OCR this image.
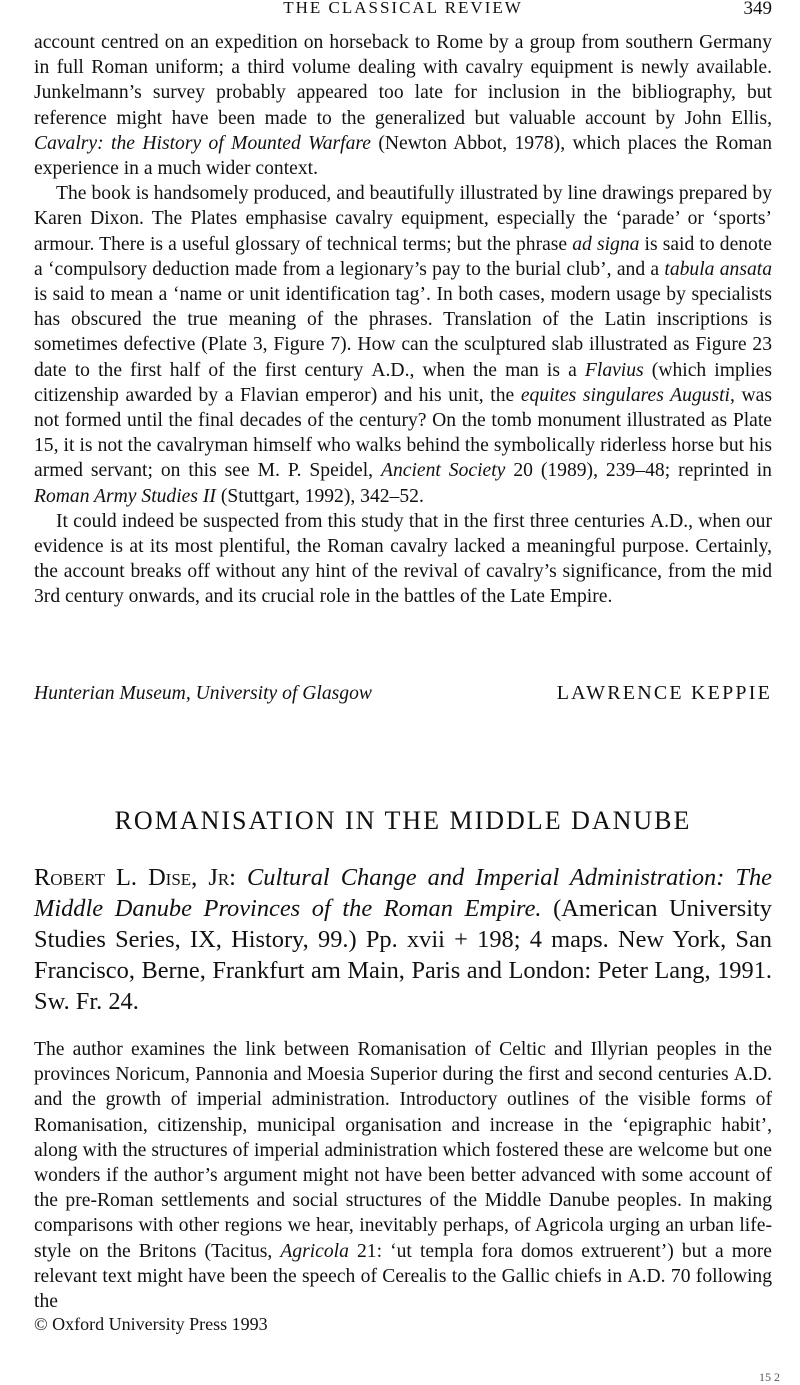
THE CLASSICAL REVIEW	349

account centred on an expedition on horseback to Rome by a group from southern Germany in full Roman uniform; a third volume dealing with cavalry equipment is newly available. Junkelmann’s survey probably appeared too late for inclusion in the bibliography, but reference might have been made to the generalized but valuable account by John Ellis, Cavalry: the History of Mounted Warfare (Newton Abbot, 1978), which places the Roman experience in a much wider context.

The book is handsomely produced, and beautifully illustrated by line drawings prepared by Karen Dixon. The Plates emphasise cavalry equipment, especially the ‘parade’ or ‘sports’ armour. There is a useful glossary of technical terms; but the phrase ad signa is said to denote a ‘compulsory deduction made from a legionary’s pay to the burial club’, and a tabula ansata is said to mean a ‘name or unit identification tag’. In both cases, modern usage by specialists has obscured the true meaning of the phrases. Translation of the Latin inscriptions is sometimes defective (Plate 3, Figure 7). How can the sculptured slab illustrated as Figure 23 date to the first half of the first century A.D., when the man is a Flavius (which implies citizenship awarded by a Flavian emperor) and his unit, the equites singulares Augusti, was not formed until the final decades of the century? On the tomb monument illustrated as Plate 15, it is not the cavalryman himself who walks behind the symbolically riderless horse but his armed servant; on this see M. P. Speidel, Ancient Society 20 (1989), 239–48; reprinted in Roman Army Studies II (Stuttgart, 1992), 342–52.

It could indeed be suspected from this study that in the first three centuries A.D., when our evidence is at its most plentiful, the Roman cavalry lacked a meaningful purpose. Certainly, the account breaks off without any hint of the revival of cavalry’s significance, from the mid 3rd century onwards, and its crucial role in the battles of the Late Empire.

Hunterian Museum, University of Glasgow	LAWRENCE KEPPIE
ROMANISATION IN THE MIDDLE DANUBE
Robert L. Dise, Jr: Cultural Change and Imperial Administration: The Middle Danube Provinces of the Roman Empire. (American University Studies Series, IX, History, 99.) Pp. xvii + 198; 4 maps. New York, San Francisco, Berne, Frankfurt am Main, Paris and London: Peter Lang, 1991. Sw. Fr. 24.

The author examines the link between Romanisation of Celtic and Illyrian peoples in the provinces Noricum, Pannonia and Moesia Superior during the first and second centuries A.D. and the growth of imperial administration. Introductory outlines of the visible forms of Romanisation, citizenship, municipal organisation and increase in the ‘epigraphic habit’, along with the structures of imperial administration which fostered these are welcome but one wonders if the author’s argument might not have been better advanced with some account of the pre-Roman settlements and social structures of the Middle Danube peoples. In making comparisons with other regions we hear, inevitably perhaps, of Agricola urging an urban life-style on the Britons (Tacitus, Agricola 21: ‘ut templa fora domos extruerent’) but a more relevant text might have been the speech of Cerealis to the Gallic chiefs in A.D. 70 following the

© Oxford University Press 1993
15 2
